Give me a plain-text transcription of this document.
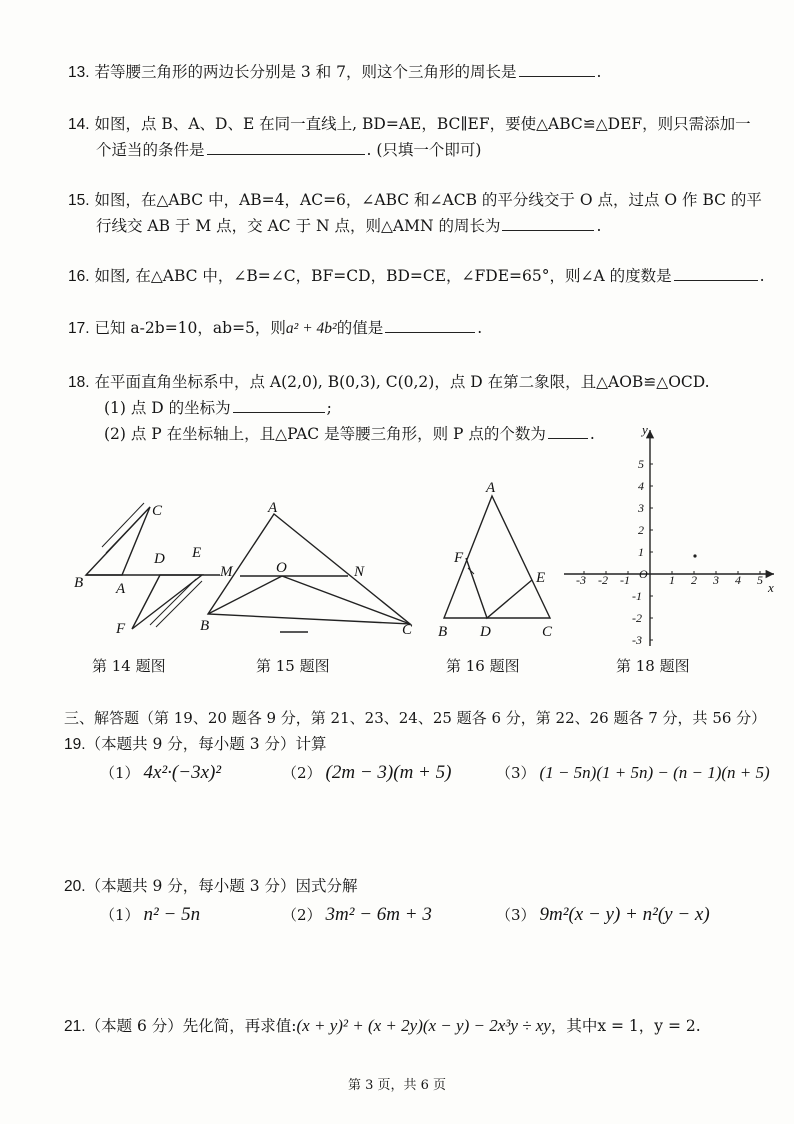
13. 若等腰三角形的两边长分别是 3 和 7，则这个三角形的周长是	.
14. 如图，点 B、A、D、E 在同一直线上, BD=AE，BC∥EF，要使△ABC≌△DEF，则只需添加一
个适当的条件是	. (只填一个即可)
15. 如图，在△ABC 中，AB=4，AC=6，∠ABC 和∠ACB 的平分线交于 O 点，过点 O 作 BC 的平
行线交 AB 于 M 点，交 AC 于 N 点，则△AMN 的周长为	.
16. 如图, 在△ABC 中，∠B=∠C，BF=CD，BD=CE，∠FDE=65°，则∠A 的度数是	.
17. 已知 a-2b=10，ab=5，则a² + 4b²的值是	.
18. 在平面直角坐标系中，点 A(2,0), B(0,3), C(0,2)，点 D 在第二象限，且△AOB≌△OCD.
(1) 点 D 的坐标为	;
(2) 点 P 在坐标轴上，且△PAC 是等腰三角形，则 P 点的个数为	.
B A
D E
C
F
第 14 题图
A
M	O	N
B	C
第 15 题图
A
F
E
B D	C
第 16 题图
x
y
O
-3 -2 -1	1 2 3 4 5
5
4
3
2
1
-1
-2
-3
第 18 题图
三、解答题（第 19、20 题各 9 分，第 21、23、24、25 题各 6 分，第 22、26 题各 7 分，共 56 分）
19.（本题共 9 分，每小题 3 分）计算
（1） 4x²·(−3x)²	（2） (2m − 3)(m + 5)	（3） (1 − 5n)(1 + 5n) − (n − 1)(n + 5)
20.（本题共 9 分，每小题 3 分）因式分解
（1） n² − 5n	（2） 3m² − 6m + 3	（3） 9m²(x − y) + n²(y − x)
21.（本题 6 分）先化简，再求值:(x + y)² + (x + 2y)(x − y) − 2x³y ÷ xy，其中x = 1，y = 2.
第 3 页，共 6 页
